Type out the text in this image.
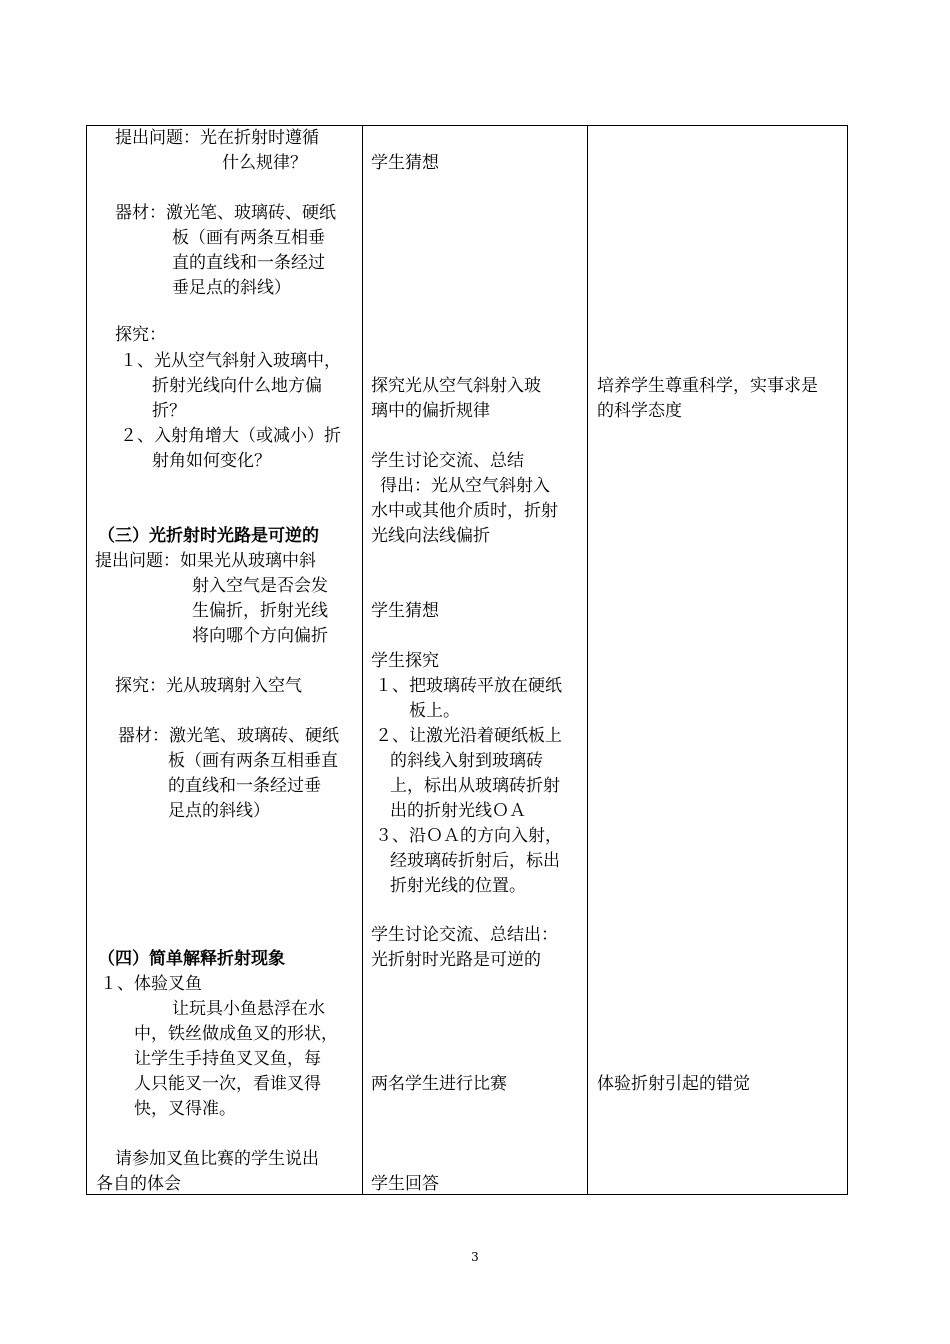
提出问题：光在折射时遵循
什么规律？
器材：激光笔、玻璃砖、硬纸
板（画有两条互相垂
直的直线和一条经过
垂足点的斜线）
探究：
１、光从空气斜射入玻璃中，
折射光线向什么地方偏
折？
２、入射角增大（或减小）折
射角如何变化？
（三）光折射时光路是可逆的
提出问题：如果光从玻璃中斜
射入空气是否会发
生偏折，折射光线
将向哪个方向偏折
探究：光从玻璃射入空气
器材：激光笔、玻璃砖、硬纸
板（画有两条互相垂直
的直线和一条经过垂
足点的斜线）
（四）简单解释折射现象
１、体验叉鱼
让玩具小鱼悬浮在水
中，铁丝做成鱼叉的形状，
让学生手持鱼叉叉鱼，每
人只能叉一次，看谁叉得
快，叉得准。
请参加叉鱼比赛的学生说出
各自的体会
学生猜想
探究光从空气斜射入玻
璃中的偏折规律
学生讨论交流、总结
得出：光从空气斜射入
水中或其他介质时，折射
光线向法线偏折
学生猜想
学生探究
１、把玻璃砖平放在硬纸
板上。
２、让激光沿着硬纸板上
的斜线入射到玻璃砖
上，标出从玻璃砖折射
出的折射光线ＯＡ
３、沿ＯＡ的方向入射，
经玻璃砖折射后，标出
折射光线的位置。
学生讨论交流、总结出：
光折射时光路是可逆的
两名学生进行比赛
学生回答
培养学生尊重科学，实事求是
的科学态度
体验折射引起的错觉
3
